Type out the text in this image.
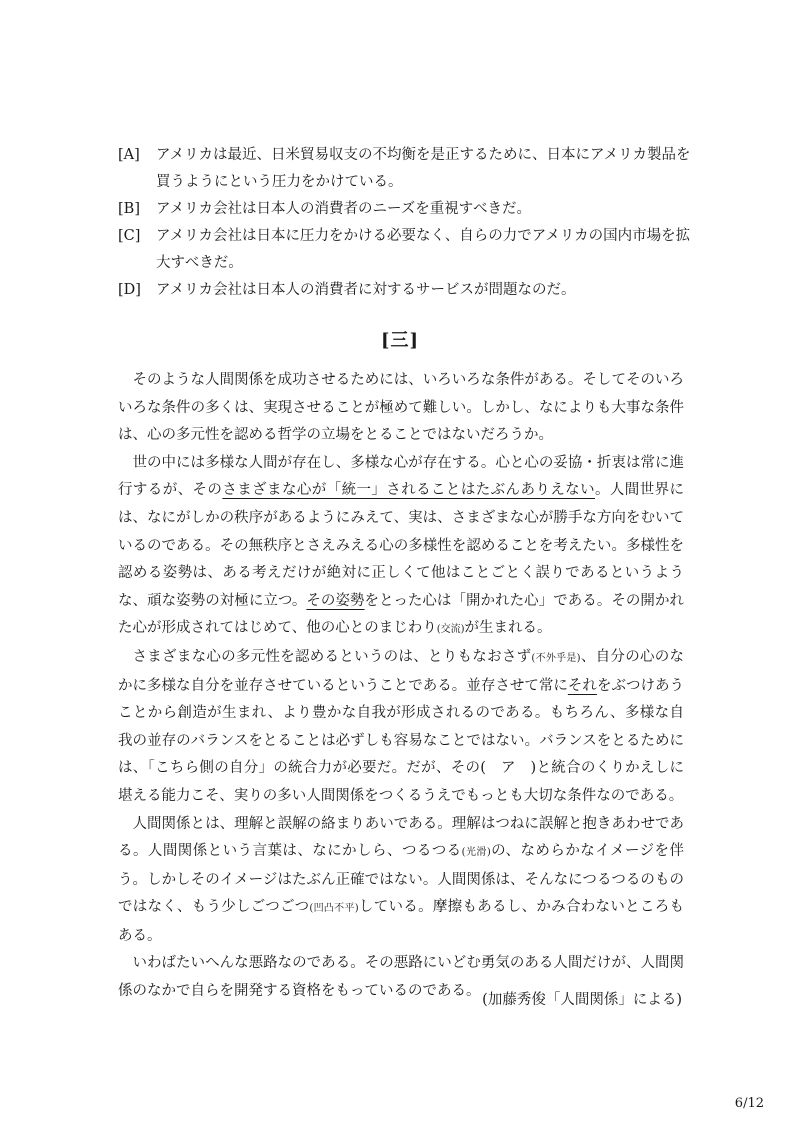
[A]	アメリカは最近、日米貿易収支の不均衡を是正するために、日本にアメリカ製品を買うようにという圧力をかけている。
[B]	アメリカ会社は日本人の消費者のニーズを重視すべきだ。
[C]	アメリカ会社は日本に圧力をかける必要なく、自らの力でアメリカの国内市場を拡大すべきだ。
[D]	アメリカ会社は日本人の消費者に対するサービスが問題なのだ。
[三]

そのような人間関係を成功させるためには、いろいろな条件がある。そしてそのいろいろな条件の多くは、実現させることが極めて難しい。しかし、なによりも大事な条件は、心の多元性を認める哲学の立場をとることではないだろうか。

世の中には多様な人間が存在し、多様な心が存在する。心と心の妥協・折衷は常に進行するが、そのさまざまな心が「統一」されることはたぶんありえない。人間世界には、なにがしかの秩序があるようにみえて、実は、さまざまな心が勝手な方向をむいているのである。その無秩序とさえみえる心の多様性を認めることを考えたい。多様性を認める姿勢は、ある考えだけが絶対に正しくて他はことごとく誤りであるというような、頑な姿勢の対極に立つ。その姿勢をとった心は「開かれた心」である。その開かれた心が形成されてはじめて、他の心とのまじわり(交流)が生まれる。

さまざまな心の多元性を認めるというのは、とりもなおさず(不外乎是)、自分の心のなかに多様な自分を並存させているということである。並存させて常にそれをぶつけあうことから創造が生まれ、より豊かな自我が形成されるのである。もちろん、多様な自我の並存のバランスをとることは必ずしも容易なことではない。バランスをとるためには、「こちら側の自分」の統合力が必要だ。だが、その(　ア　)と統合のくりかえしに堪える能力こそ、実りの多い人間関係をつくるうえでもっとも大切な条件なのである。

人間関係とは、理解と誤解の絡まりあいである。理解はつねに誤解と抱きあわせである。人間関係という言葉は、なにかしら、つるつる(光滑)の、なめらかなイメージを伴う。しかしそのイメージはたぶん正確ではない。人間関係は、そんなにつるつるのものではなく、もう少しごつごつ(凹凸不平)している。摩擦もあるし、かみ合わないところもある。

いわばたいへんな悪路なのである。その悪路にいどむ勇気のある人間だけが、人間関係のなかで自らを開発する資格をもっているのである。

(加藤秀俊「人間関係」による)
6/12
